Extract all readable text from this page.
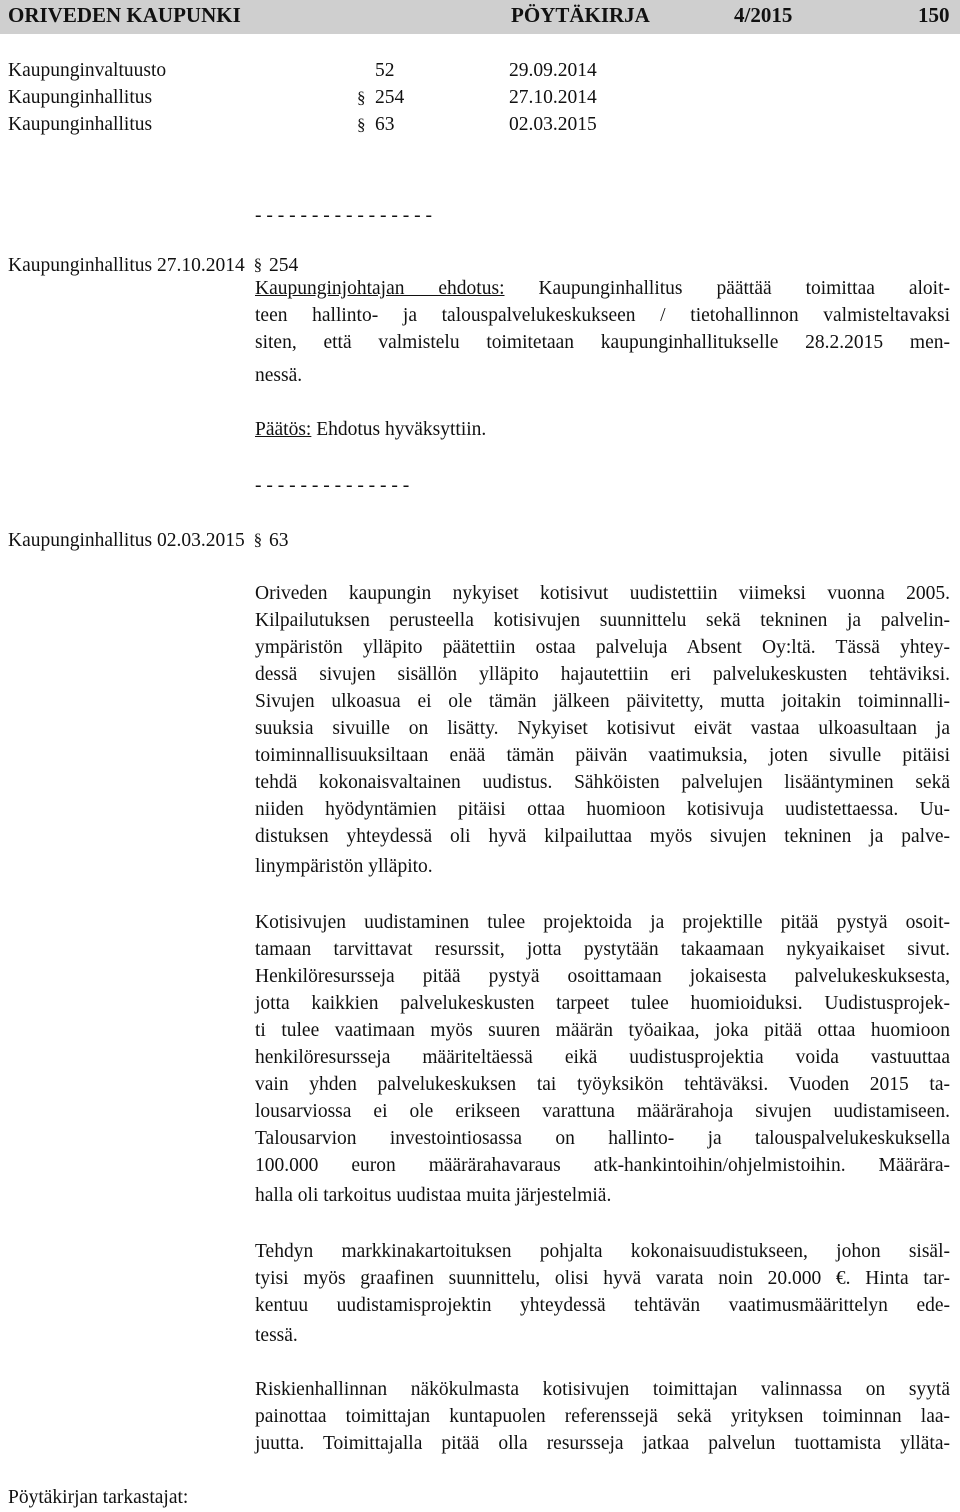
ORIVEDEN KAUPUNKI	PÖYTÄKIRJA	4/2015	150
Kaupunginvaltuusto	52	29.09.2014
Kaupunginhallitus	§ 254	27.10.2014
Kaupunginhallitus	§ 63	02.03.2015
- - - - - - - - - - - - - - - -
Kaupunginhallitus 27.10.2014 § 254
Kaupunginjohtajan ehdotus: Kaupunginhallitus päättää toimittaa aloit-
teen hallinto- ja talouspalvelukeskukseen / tietohallinnon valmisteltavaksi
siten, että valmistelu toimitetaan kaupunginhallitukselle 28.2.2015 men-
nessä.
Päätös: Ehdotus hyväksyttiin.
- - - - - - - - - - - - - -
Kaupunginhallitus 02.03.2015 § 63
Oriveden kaupungin nykyiset kotisivut uudistettiin viimeksi vuonna 2005.
Kilpailutuksen perusteella kotisivujen suunnittelu sekä tekninen ja palvelin-
ympäristön ylläpito päätettiin ostaa palveluja Absent Oy:ltä. Tässä yhtey-
dessä sivujen sisällön ylläpito hajautettiin eri palvelukeskusten tehtäviksi.
Sivujen ulkoasua ei ole tämän jälkeen päivitetty, mutta joitakin toiminnalli-
suuksia sivuille on lisätty. Nykyiset kotisivut eivät vastaa ulkoasultaan ja
toiminnallisuuksiltaan enää tämän päivän vaatimuksia, joten sivulle pitäisi
tehdä kokonaisvaltainen uudistus. Sähköisten palvelujen lisääntyminen sekä
niiden hyödyntämien pitäisi ottaa huomioon kotisivuja uudistettaessa. Uu-
distuksen yhteydessä oli hyvä kilpailuttaa myös sivujen tekninen ja palve-
linympäristön ylläpito.
Kotisivujen uudistaminen tulee projektoida ja projektille pitää pystyä osoit-
tamaan tarvittavat resurssit, jotta pystytään takaamaan nykyaikaiset sivut.
Henkilöresursseja pitää pystyä osoittamaan jokaisesta palvelukeskuksesta,
jotta kaikkien palvelukeskusten tarpeet tulee huomioiduksi. Uudistusprojek-
ti tulee vaatimaan myös suuren määrän työaikaa, joka pitää ottaa huomioon
henkilöresursseja määriteltäessä eikä uudistusprojektia voida vastuuttaa
vain yhden palvelukeskuksen tai työyksikön tehtäväksi. Vuoden 2015 ta-
lousarviossa ei ole erikseen varattuna määrärahoja sivujen uudistamiseen.
Talousarvion investointiosassa on hallinto- ja talouspalvelukeskuksella
100.000 euron määrärahavaraus atk-hankintoihin/ohjelmistoihin. Määrära-
halla oli tarkoitus uudistaa muita järjestelmiä.
Tehdyn markkinakartoituksen pohjalta kokonaisuudistukseen, johon sisäl-
tyisi myös graafinen suunnittelu, olisi hyvä varata noin 20.000 €. Hinta tar-
kentuu uudistamisprojektin yhteydessä tehtävän vaatimusmäärittelyn ede-
tessä.
Riskienhallinnan näkökulmasta kotisivujen toimittajan valinnassa on syytä
painottaa toimittajan kuntapuolen referenssejä sekä yrityksen toiminnan laa-
juutta. Toimittajalla pitää olla resursseja jatkaa palvelun tuottamista ylläta-
Pöytäkirjan tarkastajat:
